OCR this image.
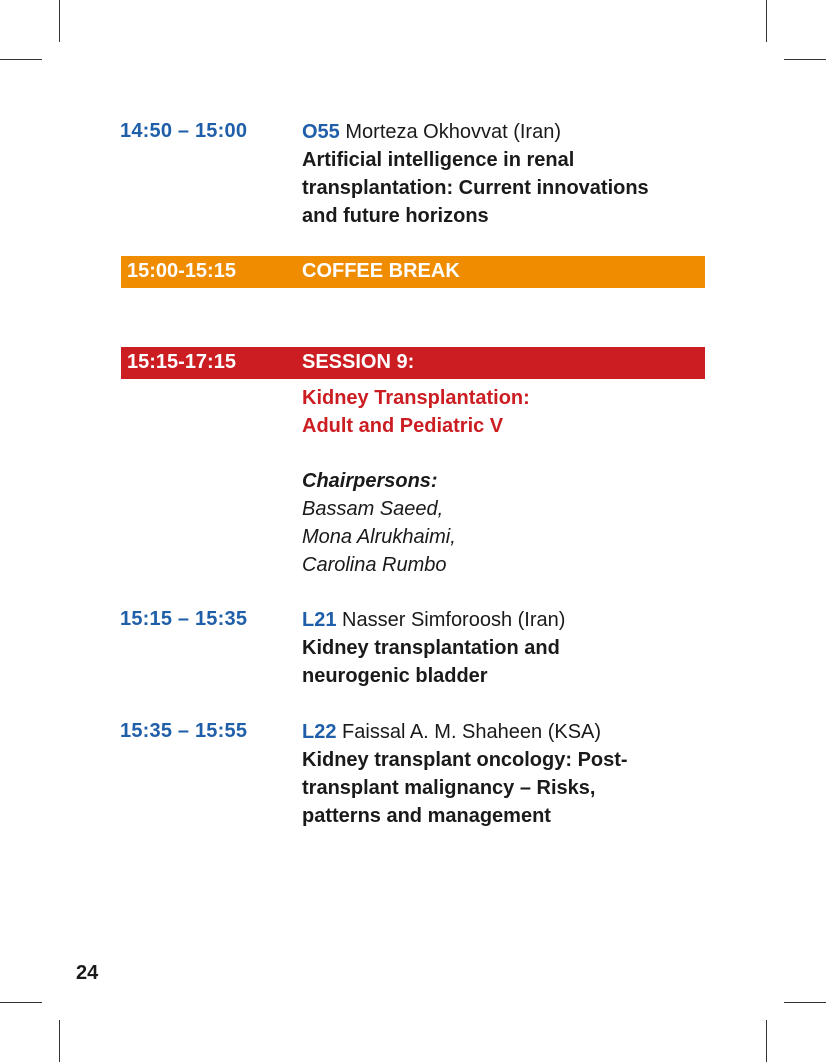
14:50 – 15:00	O55 Morteza Okhovvat (Iran)
Artificial intelligence in renal
transplantation: Current innovations
and future horizons
15:00-15:15	COFFEE BREAK
15:15-17:15	SESSION 9:
Kidney Transplantation:
Adult and Pediatric V
Chairpersons:
Bassam Saeed,
Mona Alrukhaimi,
Carolina Rumbo
15:15 – 15:35	L21 Nasser Simforoosh (Iran)
Kidney transplantation and
neurogenic bladder
15:35 – 15:55	L22 Faissal A. M. Shaheen (KSA)
Kidney transplant oncology: Post-
transplant malignancy – Risks,
patterns and management
24
